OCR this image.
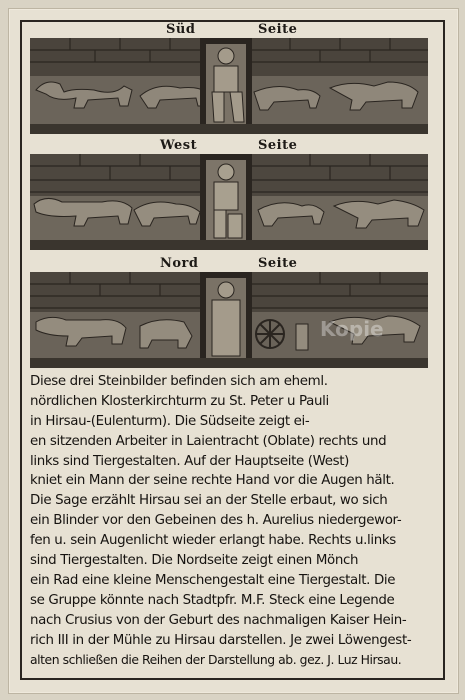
Süd	Seite
West	Seite
Nord	Seite
Kopie
Diese drei Steinbilder befinden sich am eheml.
nördlichen Klosterkirchturm zu St. Peter u Pauli
in Hirsau-(Eulenturm). Die Südseite zeigt ei-
en sitzenden Arbeiter in Laientracht (Oblate) rechts und
links sind Tiergestalten. Auf der Hauptseite (West)
kniet ein Mann der seine rechte Hand vor die Augen hält.
Die Sage erzählt Hirsau sei an der Stelle erbaut, wo sich
ein Blinder vor den Gebeinen des h. Aurelius niedergewor-
fen u. sein Augenlicht wieder erlangt habe. Rechts u.links
sind Tiergestalten. Die Nordseite zeigt einen Mönch
ein Rad eine kleine Menschengestalt eine Tiergestalt. Die
se Gruppe könnte nach Stadtpfr. M.F. Steck eine Legende
nach Crusius von der Geburt des nachmaligen Kaiser Hein-
rich III in der Mühle zu Hirsau darstellen. Je zwei Löwengest-
alten schließen die Reihen der Darstellung ab. gez. J. Luz Hirsau.
